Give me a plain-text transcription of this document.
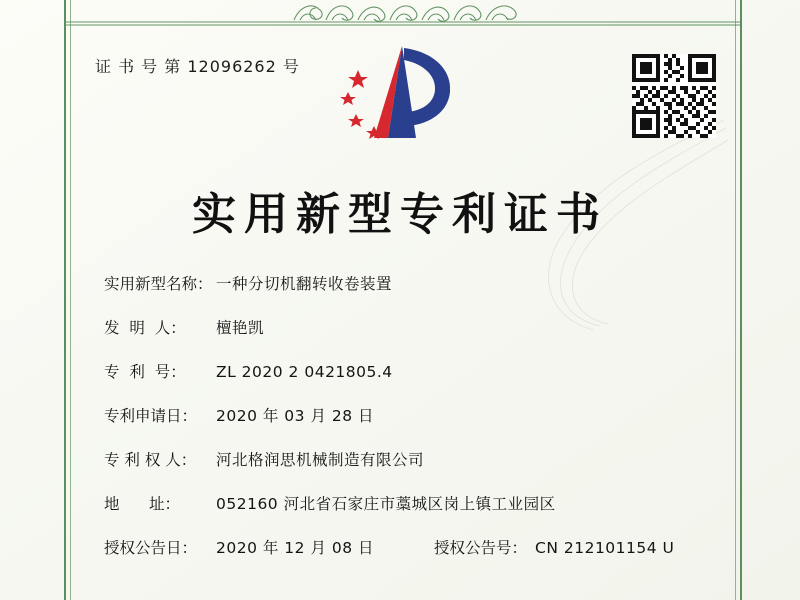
证 书 号 第 12096262 号
实用新型专利证书
实用新型名称： 一种分切机翻转收卷装置
发  明  人：	檀艳凯
专  利  号：	ZL 2020 2 0421805.4
专利申请日：	2020 年 03 月 28 日
专 利 权 人：	河北格润思机械制造有限公司
地      址：	052160 河北省石家庄市藁城区岗上镇工业园区
授权公告日：	2020 年 12 月 08 日	授权公告号： CN 212101154 U
